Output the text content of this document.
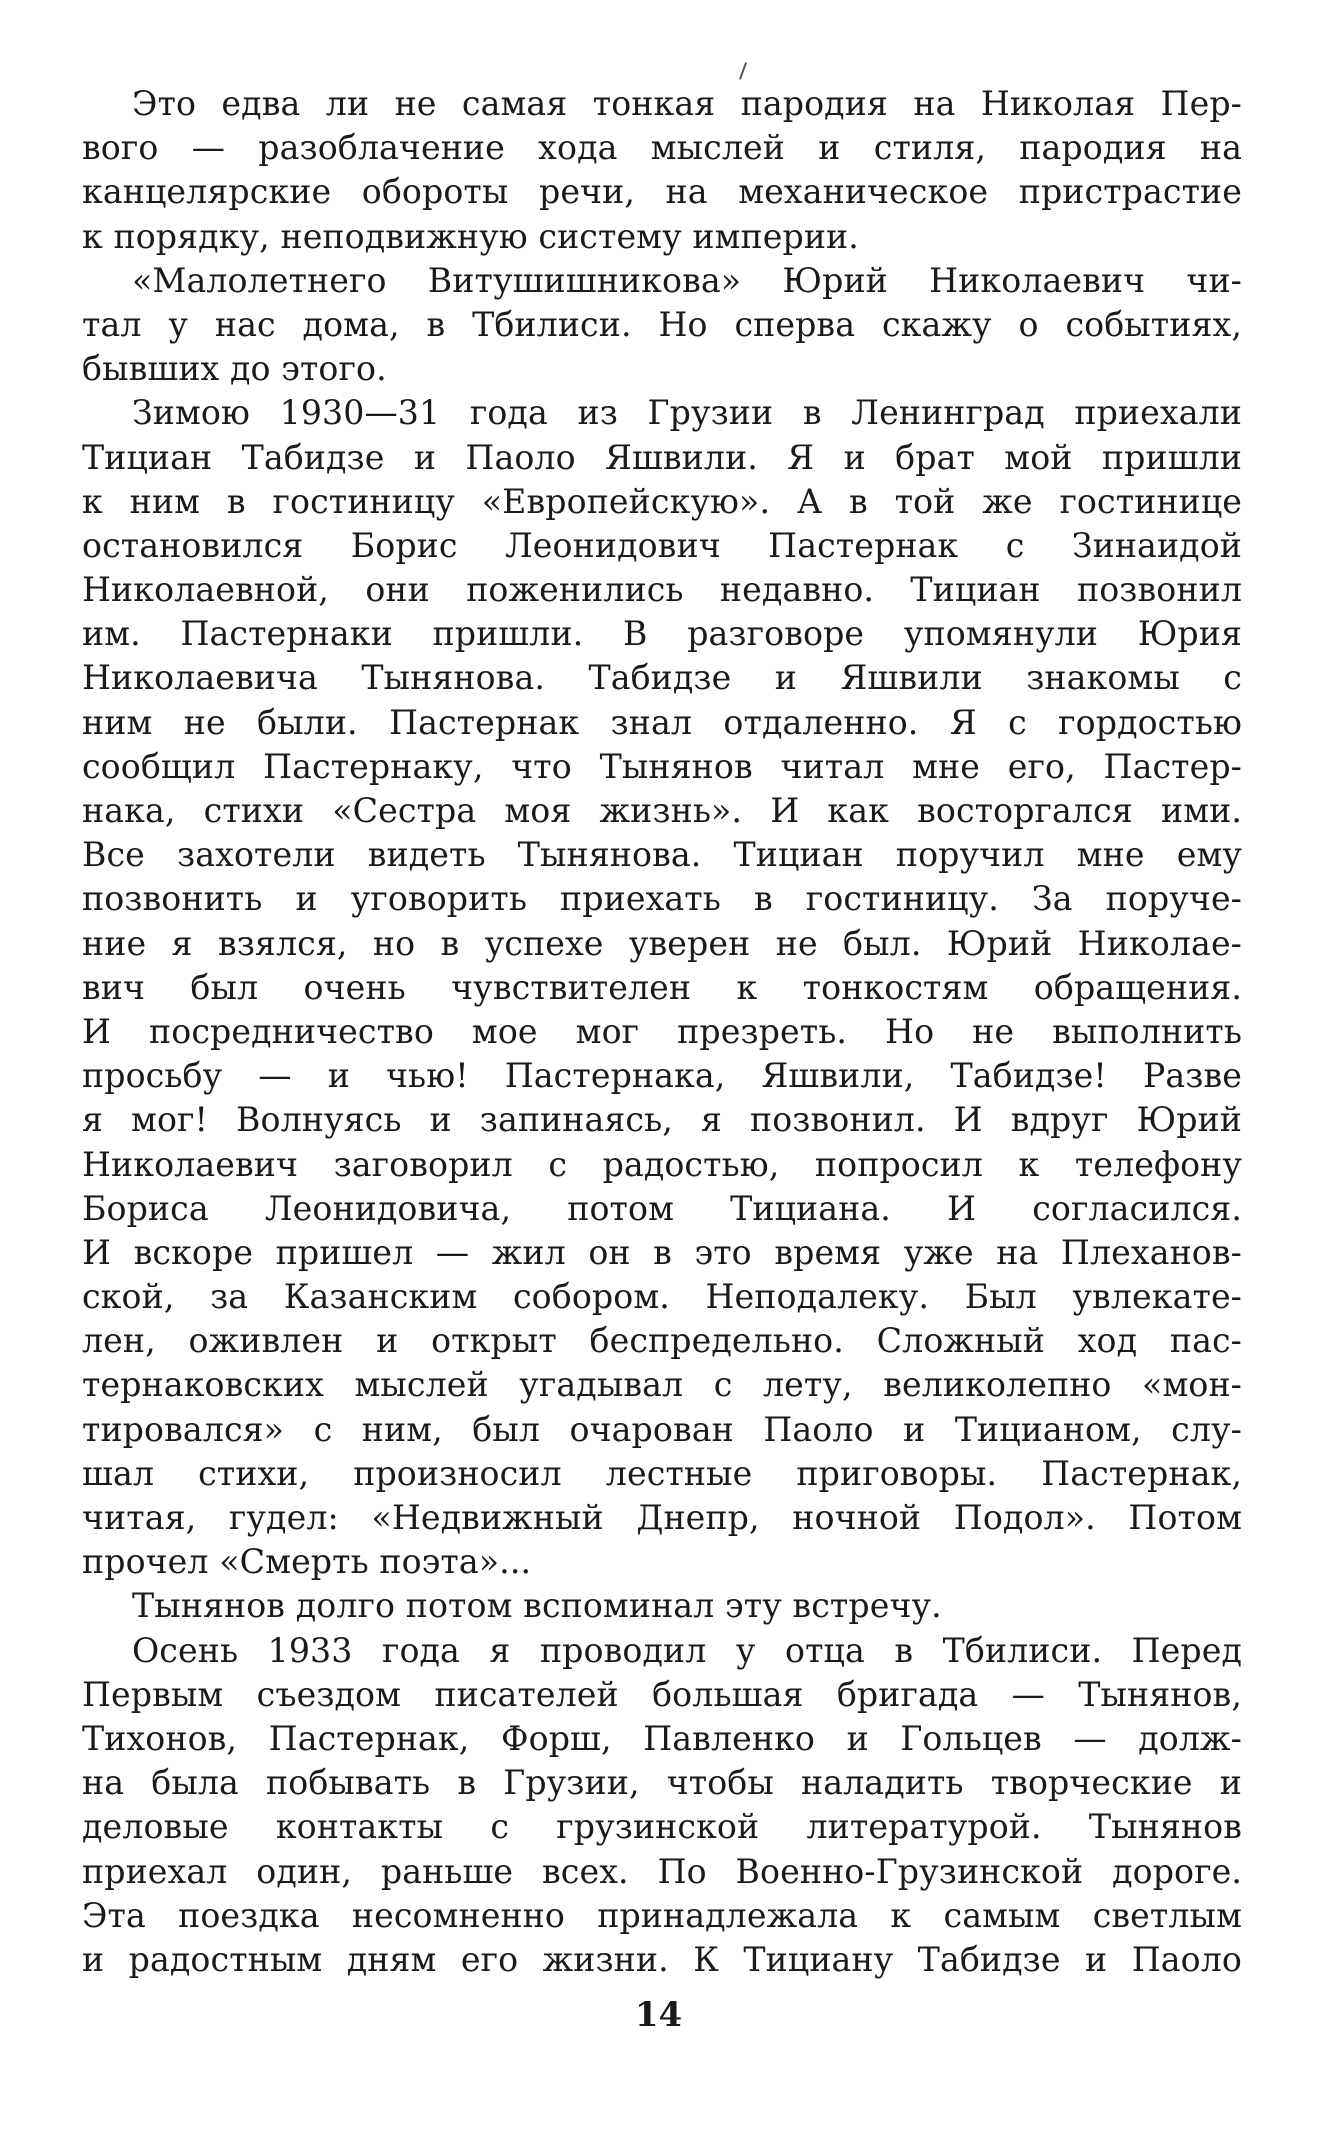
Это едва ли не самая тонкая пародия на Николая Пер-
вого — разоблачение хода мыслей и стиля, пародия на
канцелярские обороты речи, на механическое пристрастие
к порядку, неподвижную систему империи.
«Малолетнего Витушишникова» Юрий Николаевич чи-
тал у нас дома, в Тбилиси. Но сперва скажу о событиях,
бывших до этого.
Зимою 1930—31 года из Грузии в Ленинград приехали
Тициан Табидзе и Паоло Яшвили. Я и брат мой пришли
к ним в гостиницу «Европейскую». А в той же гостинице
остановился Борис Леонидович Пастернак с Зинаидой
Николаевной, они поженились недавно. Тициан позвонил
им. Пастернаки пришли. В разговоре упомянули Юрия
Николаевича Тынянова. Табидзе и Яшвили знакомы с
ним не были. Пастернак знал отдаленно. Я с гордостью
сообщил Пастернаку, что Тынянов читал мне его, Пастер-
нака, стихи «Сестра моя жизнь». И как восторгался ими.
Все захотели видеть Тынянова. Тициан поручил мне ему
позвонить и уговорить приехать в гостиницу. За поруче-
ние я взялся, но в успехе уверен не был. Юрий Николае-
вич был очень чувствителен к тонкостям обращения.
И посредничество мое мог презреть. Но не выполнить
просьбу — и чью! Пастернака, Яшвили, Табидзе! Разве
я мог! Волнуясь и запинаясь, я позвонил. И вдруг Юрий
Николаевич заговорил с радостью, попросил к телефону
Бориса Леонидовича, потом Тициана. И согласился.
И вскоре пришел — жил он в это время уже на Плеханов-
ской, за Казанским собором. Неподалеку. Был увлекате-
лен, оживлен и открыт беспредельно. Сложный ход пас-
тернаковских мыслей угадывал с лету, великолепно «мон-
тировался» с ним, был очарован Паоло и Тицианом, слу-
шал стихи, произносил лестные приговоры. Пастернак,
читая, гудел: «Недвижный Днепр, ночной Подол». Потом
прочел «Смерть поэта»...
Тынянов долго потом вспоминал эту встречу.
Осень 1933 года я проводил у отца в Тбилиси. Перед
Первым съездом писателей большая бригада — Тынянов,
Тихонов, Пастернак, Форш, Павленко и Гольцев — долж-
на была побывать в Грузии, чтобы наладить творческие и
деловые контакты с грузинской литературой. Тынянов
приехал один, раньше всех. По Военно-Грузинской дороге.
Эта поездка несомненно принадлежала к самым светлым
и радостным дням его жизни. К Тициану Табидзе и Паоло
14
